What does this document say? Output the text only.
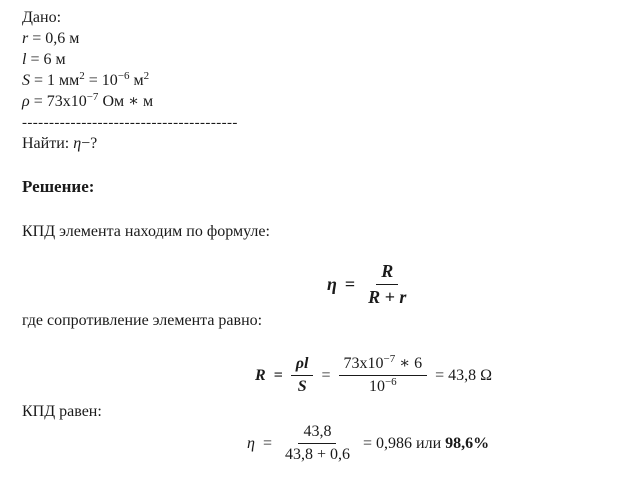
Дано:
r = 0,6 м
l = 6 м
S = 1 $мм^2 = 10^{-6}$ $м^2$
$\rho = 73x10^{-7}$ Ом ∗ м
----------------------------------------
Найти: η−?
Решение:
КПД элемента находим по формуле:
$\eta = \frac{R}{R + r}$
где сопротивление элемента равно:
$R = \frac{\rho l}{S} = \frac{73x10^{-7} ∗ 6}{10^{-6}} = 43,8$ Ω
КПД равен:
$\eta = \frac{43,8}{43,8 + 0,6} = 0,986$ или 98,6%
